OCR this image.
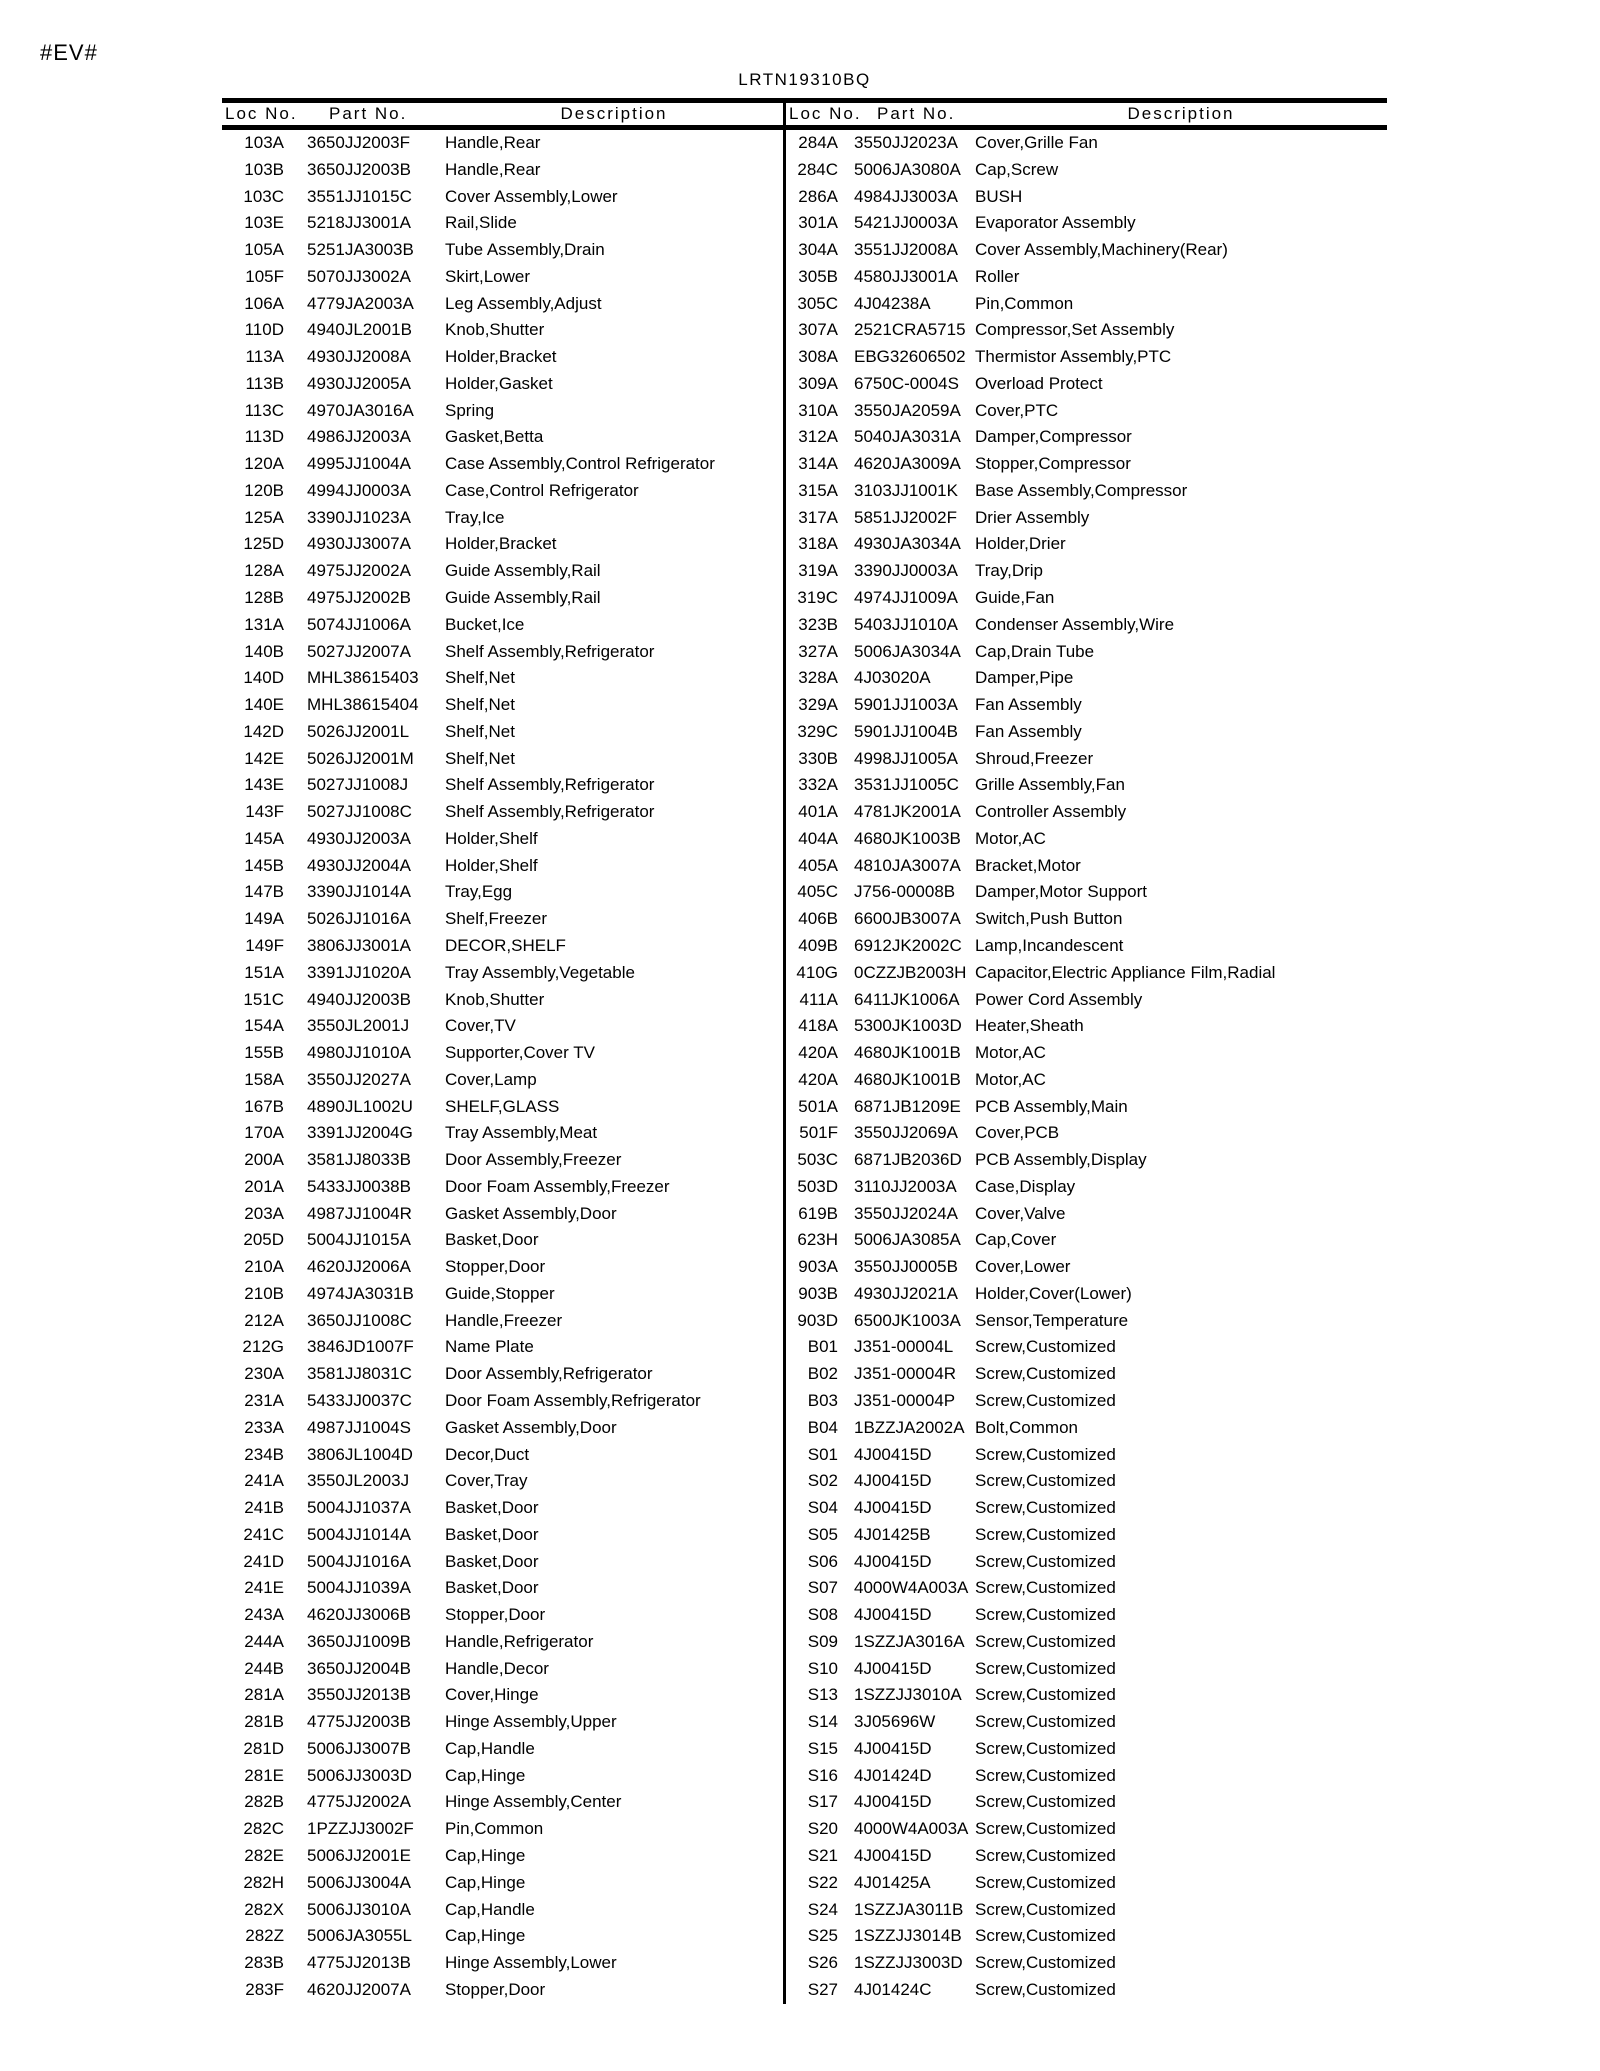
#EV#
LRTN19310BQ
Loc No.	Part No.	Description
103A	3650JJ2003F	Handle,Rear
103B	3650JJ2003B	Handle,Rear
103C	3551JJ1015C	Cover Assembly,Lower
103E	5218JJ3001A	Rail,Slide
105A	5251JA3003B	Tube Assembly,Drain
105F	5070JJ3002A	Skirt,Lower
106A	4779JA2003A	Leg Assembly,Adjust
110D	4940JL2001B	Knob,Shutter
113A	4930JJ2008A	Holder,Bracket
113B	4930JJ2005A	Holder,Gasket
113C	4970JA3016A	Spring
113D	4986JJ2003A	Gasket,Betta
120A	4995JJ1004A	Case Assembly,Control Refrigerator
120B	4994JJ0003A	Case,Control Refrigerator
125A	3390JJ1023A	Tray,Ice
125D	4930JJ3007A	Holder,Bracket
128A	4975JJ2002A	Guide Assembly,Rail
128B	4975JJ2002B	Guide Assembly,Rail
131A	5074JJ1006A	Bucket,Ice
140B	5027JJ2007A	Shelf Assembly,Refrigerator
140D	MHL38615403	Shelf,Net
140E	MHL38615404	Shelf,Net
142D	5026JJ2001L	Shelf,Net
142E	5026JJ2001M	Shelf,Net
143E	5027JJ1008J	Shelf Assembly,Refrigerator
143F	5027JJ1008C	Shelf Assembly,Refrigerator
145A	4930JJ2003A	Holder,Shelf
145B	4930JJ2004A	Holder,Shelf
147B	3390JJ1014A	Tray,Egg
149A	5026JJ1016A	Shelf,Freezer
149F	3806JJ3001A	DECOR,SHELF
151A	3391JJ1020A	Tray Assembly,Vegetable
151C	4940JJ2003B	Knob,Shutter
154A	3550JL2001J	Cover,TV
155B	4980JJ1010A	Supporter,Cover TV
158A	3550JJ2027A	Cover,Lamp
167B	4890JL1002U	SHELF,GLASS
170A	3391JJ2004G	Tray Assembly,Meat
200A	3581JJ8033B	Door Assembly,Freezer
201A	5433JJ0038B	Door Foam Assembly,Freezer
203A	4987JJ1004R	Gasket Assembly,Door
205D	5004JJ1015A	Basket,Door
210A	4620JJ2006A	Stopper,Door
210B	4974JA3031B	Guide,Stopper
212A	3650JJ1008C	Handle,Freezer
212G	3846JD1007F	Name Plate
230A	3581JJ8031C	Door Assembly,Refrigerator
231A	5433JJ0037C	Door Foam Assembly,Refrigerator
233A	4987JJ1004S	Gasket Assembly,Door
234B	3806JL1004D	Decor,Duct
241A	3550JL2003J	Cover,Tray
241B	5004JJ1037A	Basket,Door
241C	5004JJ1014A	Basket,Door
241D	5004JJ1016A	Basket,Door
241E	5004JJ1039A	Basket,Door
243A	4620JJ3006B	Stopper,Door
244A	3650JJ1009B	Handle,Refrigerator
244B	3650JJ2004B	Handle,Decor
281A	3550JJ2013B	Cover,Hinge
281B	4775JJ2003B	Hinge Assembly,Upper
281D	5006JJ3007B	Cap,Handle
281E	5006JJ3003D	Cap,Hinge
282B	4775JJ2002A	Hinge Assembly,Center
282C	1PZZJJ3002F	Pin,Common
282E	5006JJ2001E	Cap,Hinge
282H	5006JJ3004A	Cap,Hinge
282X	5006JJ3010A	Cap,Handle
282Z	5006JA3055L	Cap,Hinge
283B	4775JJ2013B	Hinge Assembly,Lower
283F	4620JJ2007A	Stopper,Door
Loc No. Part No.	Description
284A 3550JJ2023A	Cover,Grille Fan
284C 5006JA3080A Cap,Screw
286A 4984JJ3003A	BUSH
301A 5421JJ0003A	Evaporator Assembly
304A 3551JJ2008A	Cover Assembly,Machinery(Rear)
305B 4580JJ3001A	Roller
305C 4J04238A	Pin,Common
307A 2521CRA5715 Compressor,Set Assembly
308A EBG32606502 Thermistor Assembly,PTC
309A 6750C-0004S Overload Protect
310A 3550JA2059A Cover,PTC
312A 5040JA3031A Damper,Compressor
314A 4620JA3009A Stopper,Compressor
315A 3103JJ1001K	Base Assembly,Compressor
317A 5851JJ2002F	Drier Assembly
318A 4930JA3034A Holder,Drier
319A 3390JJ0003A	Tray,Drip
319C 4974JJ1009A	Guide,Fan
323B 5403JJ1010A	Condenser Assembly,Wire
327A 5006JA3034A Cap,Drain Tube
328A 4J03020A	Damper,Pipe
329A 5901JJ1003A	Fan Assembly
329C 5901JJ1004B	Fan Assembly
330B 4998JJ1005A	Shroud,Freezer
332A 3531JJ1005C Grille Assembly,Fan
401A 4781JK2001A Controller Assembly
404A 4680JK1003B Motor,AC
405A 4810JA3007A Bracket,Motor
405C J756-00008B	Damper,Motor Support
406B 6600JB3007A Switch,Push Button
409B 6912JK2002C Lamp,Incandescent
410G 0CZZJB2003H Capacitor,Electric Appliance Film,Radial
411A 6411JK1006A Power Cord Assembly
418A 5300JK1003D Heater,Sheath
420A 4680JK1001B Motor,AC
420A 4680JK1001B Motor,AC
501A 6871JB1209E PCB Assembly,Main
501F 3550JJ2069A	Cover,PCB
503C 6871JB2036D PCB Assembly,Display
503D 3110JJ2003A	Case,Display
619B 3550JJ2024A	Cover,Valve
623H 5006JA3085A Cap,Cover
903A 3550JJ0005B	Cover,Lower
903B 4930JJ2021A	Holder,Cover(Lower)
903D 6500JK1003A Sensor,Temperature
B01 J351-00004L	Screw,Customized
B02 J351-00004R	Screw,Customized
B03 J351-00004P	Screw,Customized
B04 1BZZJA2002A Bolt,Common
S01 4J00415D	Screw,Customized
S02 4J00415D	Screw,Customized
S04 4J00415D	Screw,Customized
S05 4J01425B	Screw,Customized
S06 4J00415D	Screw,Customized
S07 4000W4A003A Screw,Customized
S08 4J00415D	Screw,Customized
S09 1SZZJA3016A Screw,Customized
S10 4J00415D	Screw,Customized
S13 1SZZJJ3010A Screw,Customized
S14 3J05696W	Screw,Customized
S15 4J00415D	Screw,Customized
S16 4J01424D	Screw,Customized
S17 4J00415D	Screw,Customized
S20 4000W4A003A Screw,Customized
S21 4J00415D	Screw,Customized
S22 4J01425A	Screw,Customized
S24 1SZZJA3011B Screw,Customized
S25 1SZZJJ3014B Screw,Customized
S26 1SZZJJ3003D Screw,Customized
S27 4J01424C	Screw,Customized
